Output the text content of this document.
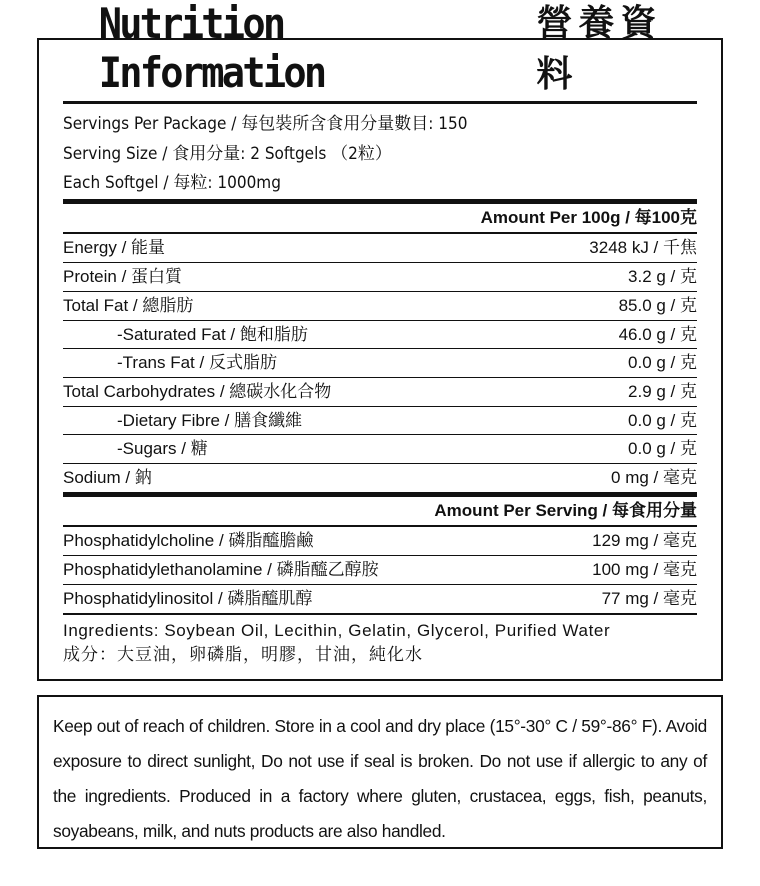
Nutrition Information
營養資料
Servings Per Package / 每包裝所含食用分量數目: 150
Serving Size / 食用分量: 2 Softgels （2粒）
Each Softgel / 每粒: 1000mg
Amount Per 100g / 每100克
Energy / 能量	3248 kJ / 千焦
Protein / 蛋白質	3.2 g / 克
Total Fat / 總脂肪	85.0 g / 克
-Saturated Fat / 飽和脂肪	46.0 g / 克
-Trans Fat / 反式脂肪	0.0 g / 克
Total Carbohydrates / 總碳水化合物	2.9 g / 克
-Dietary Fibre / 膳食纖維	0.0 g / 克
-Sugars / 糖	0.0 g / 克
Sodium / 鈉	0 mg / 毫克
Amount Per Serving / 每食用分量
Phosphatidylcholine / 磷脂醯膽鹼	129 mg / 毫克
Phosphatidylethanolamine / 磷脂醯乙醇胺	100 mg / 毫克
Phosphatidylinositol / 磷脂醯肌醇	77 mg / 毫克
Ingredients: Soybean Oil, Lecithin, Gelatin, Glycerol, Purified Water
成分：大豆油，卵磷脂，明膠，甘油，純化水

Keep out of reach of children. Store in a cool and dry place (15°-30° C / 59°-86° F). Avoid exposure to direct sunlight, Do not use if seal is broken. Do not use if allergic to any of the ingredients. Produced in a factory where gluten, crustacea, eggs, fish, peanuts, soyabeans, milk, and nuts products are also handled.
